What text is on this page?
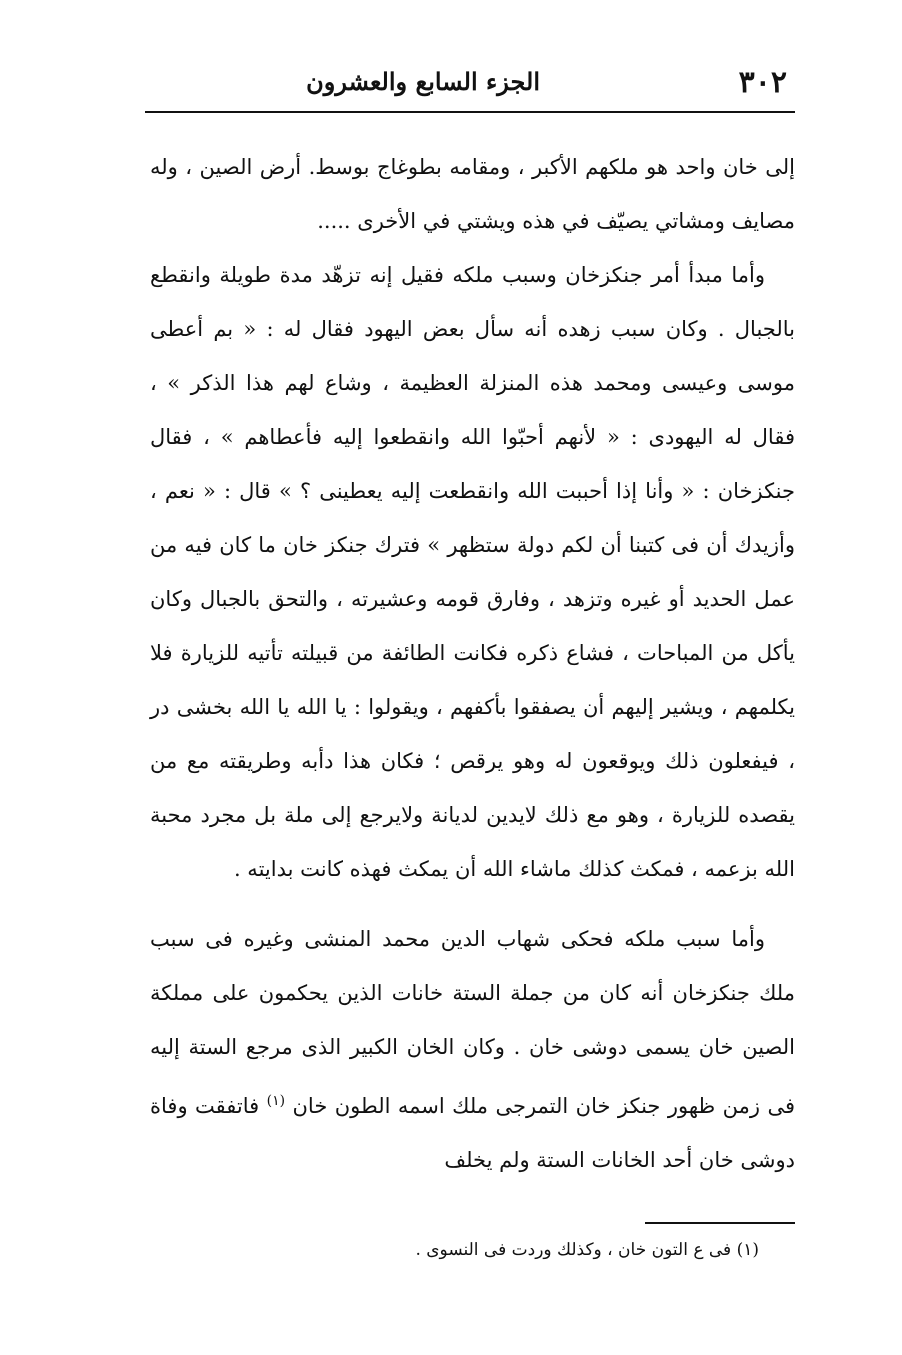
٣٠٢
الجزء السابع والعشرون

إلى خان واحد هو ملكهم الأكبر ، ومقامه بطوغاج بوسط. أرض الصين ، وله مصايف ومشاتي يصيّف في هذه ويشتي في الأخرى .....

وأما مبدأ أمر جنكزخان وسبب ملكه فقيل إنه تزهّد مدة طويلة وانقطع بالجبال . وكان سبب زهده أنه سأل بعض اليهود فقال له : « بم أعطى موسى وعيسى ومحمد هذه المنزلة العظيمة ، وشاع لهم هذا الذكر » ، فقال له اليهودى : « لأنهم أحبّوا الله وانقطعوا إليه فأعطاهم » ، فقال جنكزخان : « وأنا إذا أحببت الله وانقطعت إليه يعطينى ؟ » قال : « نعم ، وأزيدك أن فى كتبنا أن لكم دولة ستظهر » فترك جنكز خان ما كان فيه من عمل الحديد أو غيره وتزهد ، وفارق قومه وعشيرته ، والتحق بالجبال وكان يأكل من المباحات ، فشاع ذكره فكانت الطائفة من قبيلته تأتيه للزيارة فلا يكلمهم ، ويشير إليهم أن يصفقوا بأكفهم ، ويقولوا : يا الله يا الله بخشى در ، فيفعلون ذلك ويوقعون له وهو يرقص ؛ فكان هذا دأبه وطريقته مع من يقصده للزيارة ، وهو مع ذلك لايدين لديانة ولايرجع إلى ملة بل مجرد محبة الله بزعمه ، فمكث كذلك ماشاء الله أن يمكث فهذه كانت بدايته .

وأما سبب ملكه فحكى شهاب الدين محمد المنشى وغيره فى سبب ملك جنكزخان أنه كان من جملة الستة خانات الذين يحكمون على مملكة الصين خان يسمى دوشى خان . وكان الخان الكبير الذى مرجع الستة إليه فى زمن ظهور جنكز خان التمرجى ملك اسمه الطون خان $^{(١)}$ فاتفقت وفاة دوشى خان أحد الخانات الستة ولم يخلف

(١) فى ع التون خان ، وكذلك وردت فى النسوى .
